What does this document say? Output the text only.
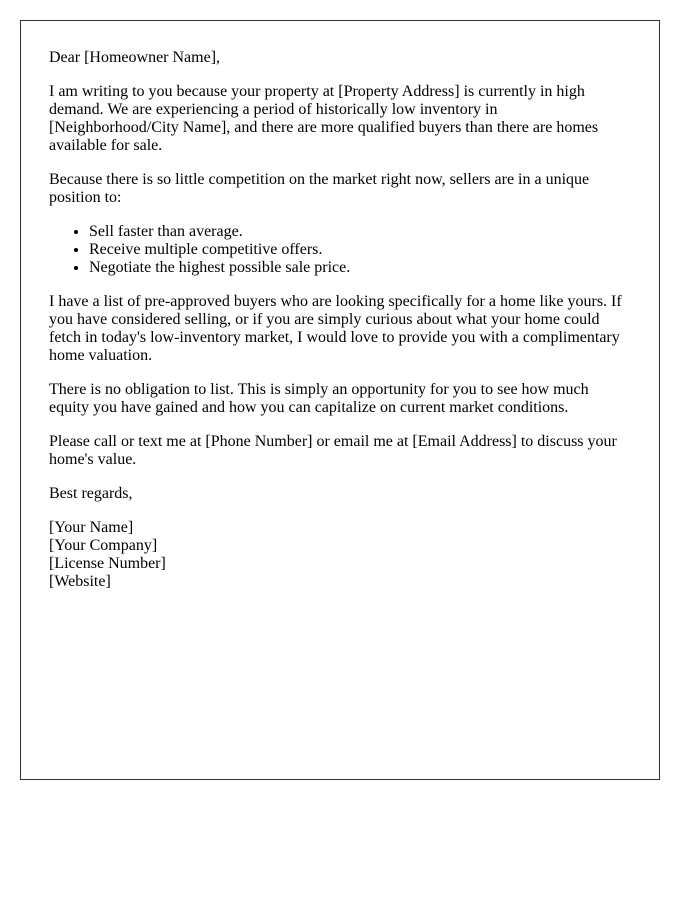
Dear [Homeowner Name],

I am writing to you because your property at [Property Address] is currently in high demand. We are experiencing a period of historically low inventory in [Neighborhood/City Name], and there are more qualified buyers than there are homes available for sale.

Because there is so little competition on the market right now, sellers are in a unique position to:

• Sell faster than average.
• Receive multiple competitive offers.
• Negotiate the highest possible sale price.

I have a list of pre-approved buyers who are looking specifically for a home like yours. If you have considered selling, or if you are simply curious about what your home could fetch in today's low-inventory market, I would love to provide you with a complimentary home valuation.

There is no obligation to list. This is simply an opportunity for you to see how much equity you have gained and how you can capitalize on current market conditions.

Please call or text me at [Phone Number] or email me at [Email Address] to discuss your home's value.

Best regards,

[Your Name]
[Your Company]
[License Number]
[Website]
